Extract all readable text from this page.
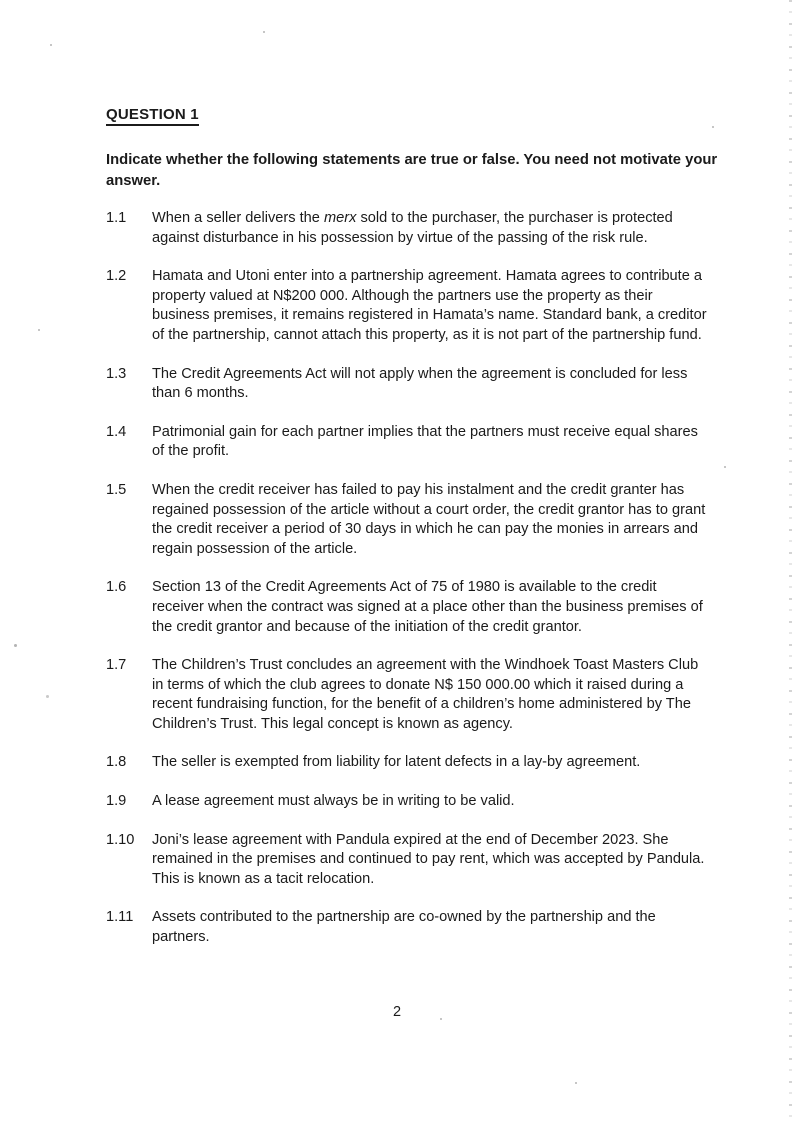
QUESTION 1

Indicate whether the following statements are true or false. You need not motivate your answer.

1.1	When a seller delivers the merx sold to the purchaser, the purchaser is protected against disturbance in his possession by virtue of the passing of the risk rule.
1.2	Hamata and Utoni enter into a partnership agreement. Hamata agrees to contribute a property valued at N$200 000. Although the partners use the property as their business premises, it remains registered in Hamata’s name. Standard bank, a creditor of the partnership, cannot attach this property, as it is not part of the partnership fund.
1.3	The Credit Agreements Act will not apply when the agreement is concluded for less than 6 months.
1.4	Patrimonial gain for each partner implies that the partners must receive equal shares of the profit.
1.5	When the credit receiver has failed to pay his instalment and the credit granter has regained possession of the article without a court order, the credit grantor has to grant the credit receiver a period of 30 days in which he can pay the monies in arrears and regain possession of the article.
1.6	Section 13 of the Credit Agreements Act of 75 of 1980 is available to the credit receiver when the contract was signed at a place other than the business premises of the credit grantor and because of the initiation of the credit grantor.
1.7	The Children’s Trust concludes an agreement with the Windhoek Toast Masters Club in terms of which the club agrees to donate N$ 150 000.00 which it raised during a recent fundraising function, for the benefit of a children’s home administered by The Children’s Trust. This legal concept is known as agency.
1.8	The seller is exempted from liability for latent defects in a lay-by agreement.
1.9	A lease agreement must always be in writing to be valid.
1.10	Joni’s lease agreement with Pandula expired at the end of December 2023. She remained in the premises and continued to pay rent, which was accepted by Pandula. This is known as a tacit relocation.
1.11	Assets contributed to the partnership are co-owned by the partnership and the partners.
2
